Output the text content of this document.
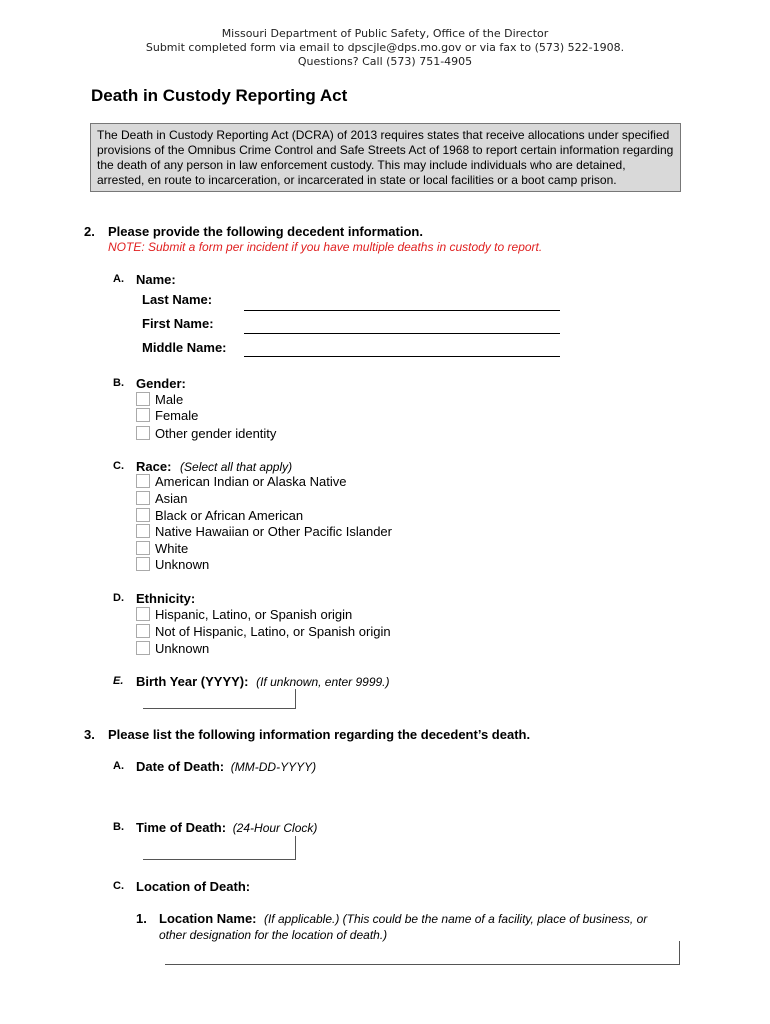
Missouri Department of Public Safety, Office of the Director
Submit completed form via email to dpscjle@dps.mo.gov or via fax to (573) 522-1908.
Questions? Call (573) 751-4905
Death in Custody Reporting Act
The Death in Custody Reporting Act (DCRA) of 2013 requires states that receive allocations under specified provisions of the Omnibus Crime Control and Safe Streets Act of 1968 to report certain information regarding the death of any person in law enforcement custody. This may include individuals who are detained, arrested, en route to incarceration, or incarcerated in state or local facilities or a boot camp prison.
2. Please provide the following decedent information.
NOTE: Submit a form per incident if you have multiple deaths in custody to report.
A. Name:
Last Name:
First Name:
Middle Name:
B. Gender:
Male
Female
Other gender identity
C. Race: (Select all that apply)
American Indian or Alaska Native
Asian
Black or African American
Native Hawaiian or Other Pacific Islander
White
Unknown
D. Ethnicity:
Hispanic, Latino, or Spanish origin
Not of Hispanic, Latino, or Spanish origin
Unknown
E. Birth Year (YYYY): (If unknown, enter 9999.)
3. Please list the following information regarding the decedent’s death.
A. Date of Death: (MM-DD-YYYY)
B. Time of Death: (24-Hour Clock)
C. Location of Death:
1. Location Name: (If applicable.) (This could be the name of a facility, place of business, or
other designation for the location of death.)
